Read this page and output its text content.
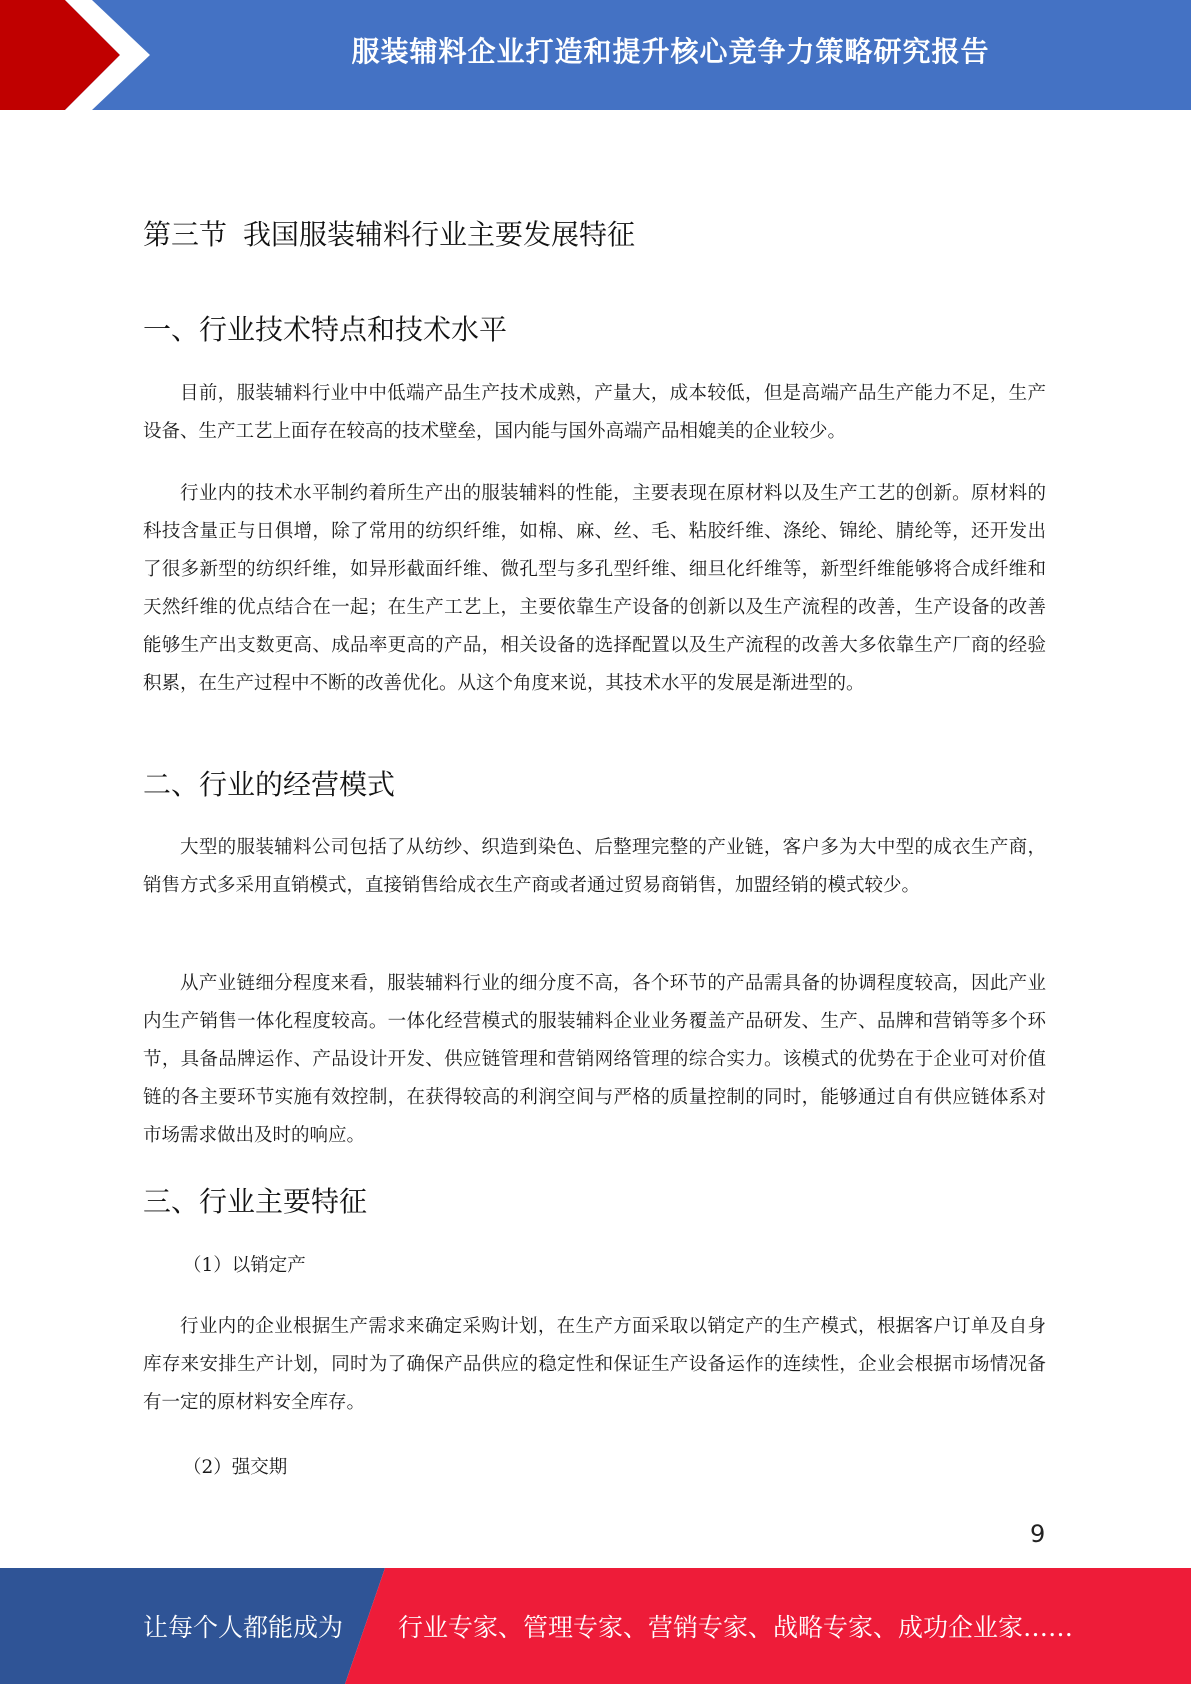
服装辅料企业打造和提升核心竞争力策略研究报告
第三节 我国服装辅料行业主要发展特征
一、行业技术特点和技术水平
目前，服装辅料行业中中低端产品生产技术成熟，产量大，成本较低，但是高端产品生产能力不足，生产设备、生产工艺上面存在较高的技术壁垒，国内能与国外高端产品相媲美的企业较少。
行业内的技术水平制约着所生产出的服装辅料的性能，主要表现在原材料以及生产工艺的创新。原材料的科技含量正与日俱增，除了常用的纺织纤维，如棉、麻、丝、毛、粘胶纤维、涤纶、锦纶、腈纶等，还开发出了很多新型的纺织纤维，如异形截面纤维、微孔型与多孔型纤维、细旦化纤维等，新型纤维能够将合成纤维和天然纤维的优点结合在一起；在生产工艺上，主要依靠生产设备的创新以及生产流程的改善，生产设备的改善能够生产出支数更高、成品率更高的产品，相关设备的选择配置以及生产流程的改善大多依靠生产厂商的经验积累，在生产过程中不断的改善优化。从这个角度来说，其技术水平的发展是渐进型的。
二、行业的经营模式
大型的服装辅料公司包括了从纺纱、织造到染色、后整理完整的产业链，客户多为大中型的成衣生产商，销售方式多采用直销模式，直接销售给成衣生产商或者通过贸易商销售，加盟经销的模式较少。
从产业链细分程度来看，服装辅料行业的细分度不高，各个环节的产品需具备的协调程度较高，因此产业内生产销售一体化程度较高。一体化经营模式的服装辅料企业业务覆盖产品研发、生产、品牌和营销等多个环节，具备品牌运作、产品设计开发、供应链管理和营销网络管理的综合实力。该模式的优势在于企业可对价值链的各主要环节实施有效控制，在获得较高的利润空间与严格的质量控制的同时，能够通过自有供应链体系对市场需求做出及时的响应。
三、行业主要特征
（1）以销定产
行业内的企业根据生产需求来确定采购计划，在生产方面采取以销定产的生产模式，根据客户订单及自身库存来安排生产计划，同时为了确保产品供应的稳定性和保证生产设备运作的连续性，企业会根据市场情况备有一定的原材料安全库存。
（2）强交期
9
让每个人都能成为 行业专家、管理专家、营销专家、战略专家、成功企业家……
